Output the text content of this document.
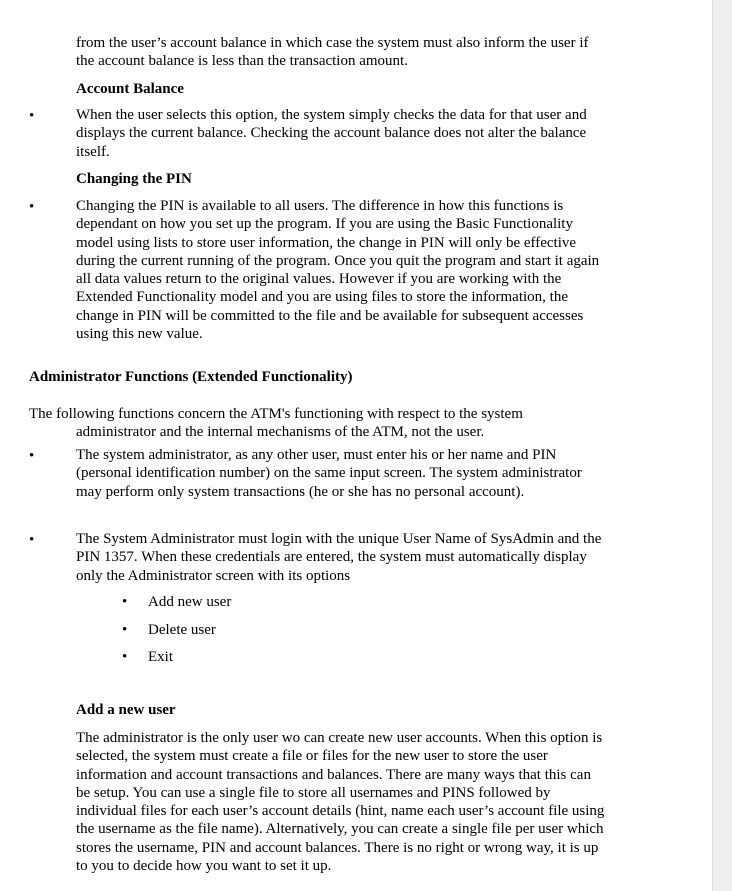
from the user’s account balance in which case the system must also inform the user if the account balance is less than the transaction amount.

Account Balance

•	When the user selects this option, the system simply checks the data for that user and displays the current balance. Checking the account balance does not alter the balance itself.

Changing the PIN

•	Changing the PIN is available to all users. The difference in how this functions is dependant on how you set up the program. If you are using the Basic Functionality model using lists to store user information, the change in PIN will only be effective during the current running of the program. Once you quit the program and start it again all data values return to the original values. However if you are working with the Extended Functionality model and you are using files to store the information, the change in PIN will be committed to the file and be available for subsequent accesses using this new value.

Administrator Functions (Extended Functionality)

The following functions concern the ATM's functioning with respect to the system
administrator and the internal mechanisms of the ATM, not the user.

•	The system administrator, as any other user, must enter his or her name and PIN (personal identification number) on the same input screen. The system administrator may perform only system transactions (he or she has no personal account).

•	The System Administrator must login with the unique User Name of SysAdmin and the PIN 1357. When these credentials are entered, the system must automatically display only the Administrator screen with its options

• Add new user
• Delete user
• Exit

Add a new user

The administrator is the only user wo can create new user accounts. When this option is selected, the system must create a file or files for the new user to store the user information and account transactions and balances. There are many ways that this can be setup. You can use a single file to store all usernames and PINS followed by individual files for each user’s account details (hint, name each user’s account file using the username as the file name). Alternatively, you can create a single file per user which stores the username, PIN and account balances. There is no right or wrong way, it is up to you to decide how you want to set it up.
